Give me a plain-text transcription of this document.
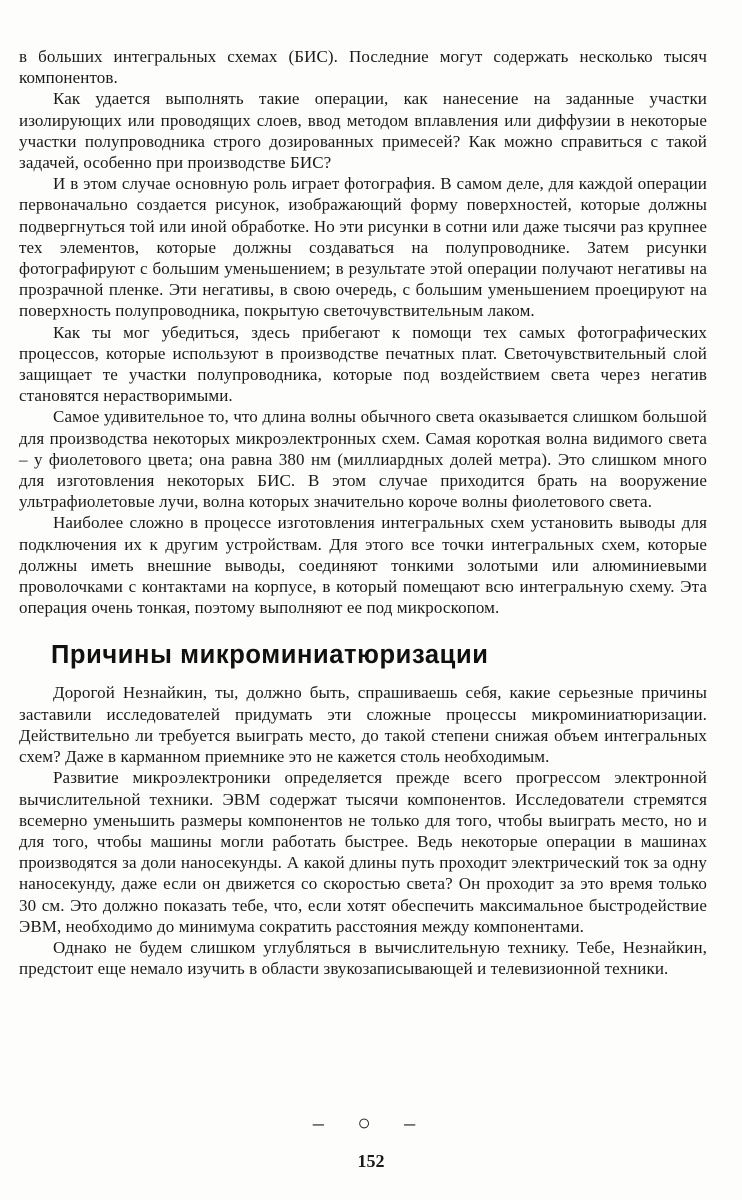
в больших интегральных схемах (БИС). Последние могут содержать несколько тысяч компонентов.

Как удается выполнять такие операции, как нанесение на заданные участки изолирующих или проводящих слоев, ввод методом вплавления или диффузии в некоторые участки полупроводника строго дозированных примесей? Как можно справиться с такой задачей, особенно при производстве БИС?

И в этом случае основную роль играет фотография. В самом деле, для каждой операции первоначально создается рисунок, изображающий форму поверхностей, которые должны подвергнуться той или иной обработке. Но эти рисунки в сотни или даже тысячи раз крупнее тех элементов, которые должны создаваться на полупроводнике. Затем рисунки фотографируют с большим уменьшением; в результате этой операции получают негативы на прозрачной пленке. Эти негативы, в свою очередь, с большим уменьшением проецируют на поверхность полупроводника, покрытую светочувствительным лаком.

Как ты мог убедиться, здесь прибегают к помощи тех самых фотографических процессов, которые используют в производстве печатных плат. Светочувствительный слой защищает те участки полупроводника, которые под воздействием света через негатив становятся нерастворимыми.

Самое удивительное то, что длина волны обычного света оказывается слишком большой для производства некоторых микроэлектронных схем. Самая короткая волна видимого света – у фиолетового цвета; она равна 380 нм (миллиардных долей метра). Это слишком много для изготовления некоторых БИС. В этом случае приходится брать на вооружение ультрафиолетовые лучи, волна которых значительно короче волны фиолетового света.

Наиболее сложно в процессе изготовления интегральных схем установить выводы для подключения их к другим устройствам. Для этого все точки интегральных схем, которые должны иметь внешние выводы, соединяют тонкими золотыми или алюминиевыми проволочками с контактами на корпусе, в который помещают всю интегральную схему. Эта операция очень тонкая, поэтому выполняют ее под микроскопом.

Причины микроминиатюризации

Дорогой Незнайкин, ты, должно быть, спрашиваешь себя, какие серьезные причины заставили исследователей придумать эти сложные процессы микроминиатюризации. Действительно ли требуется выиграть место, до такой степени снижая объем интегральных схем? Даже в карманном приемнике это не кажется столь необходимым.

Развитие микроэлектроники определяется прежде всего прогрессом электронной вычислительной техники. ЭВМ содержат тысячи компонентов. Исследователи стремятся всемерно уменьшить размеры компонентов не только для того, чтобы выиграть место, но и для того, чтобы машины могли работать быстрее. Ведь некоторые операции в машинах производятся за доли наносекунды. А какой длины путь проходит электрический ток за одну наносекунду, даже если он движется со скоростью света? Он проходит за это время только 30 см. Это должно показать тебе, что, если хотят обеспечить максимальное быстродействие ЭВМ, необходимо до минимума сократить расстояния между компонентами.

Однако не будем слишком углубляться в вычислительную технику. Тебе, Незнайкин, предстоит еще немало изучить в области звукозаписывающей и телевизионной техники.

– ○ –
152
